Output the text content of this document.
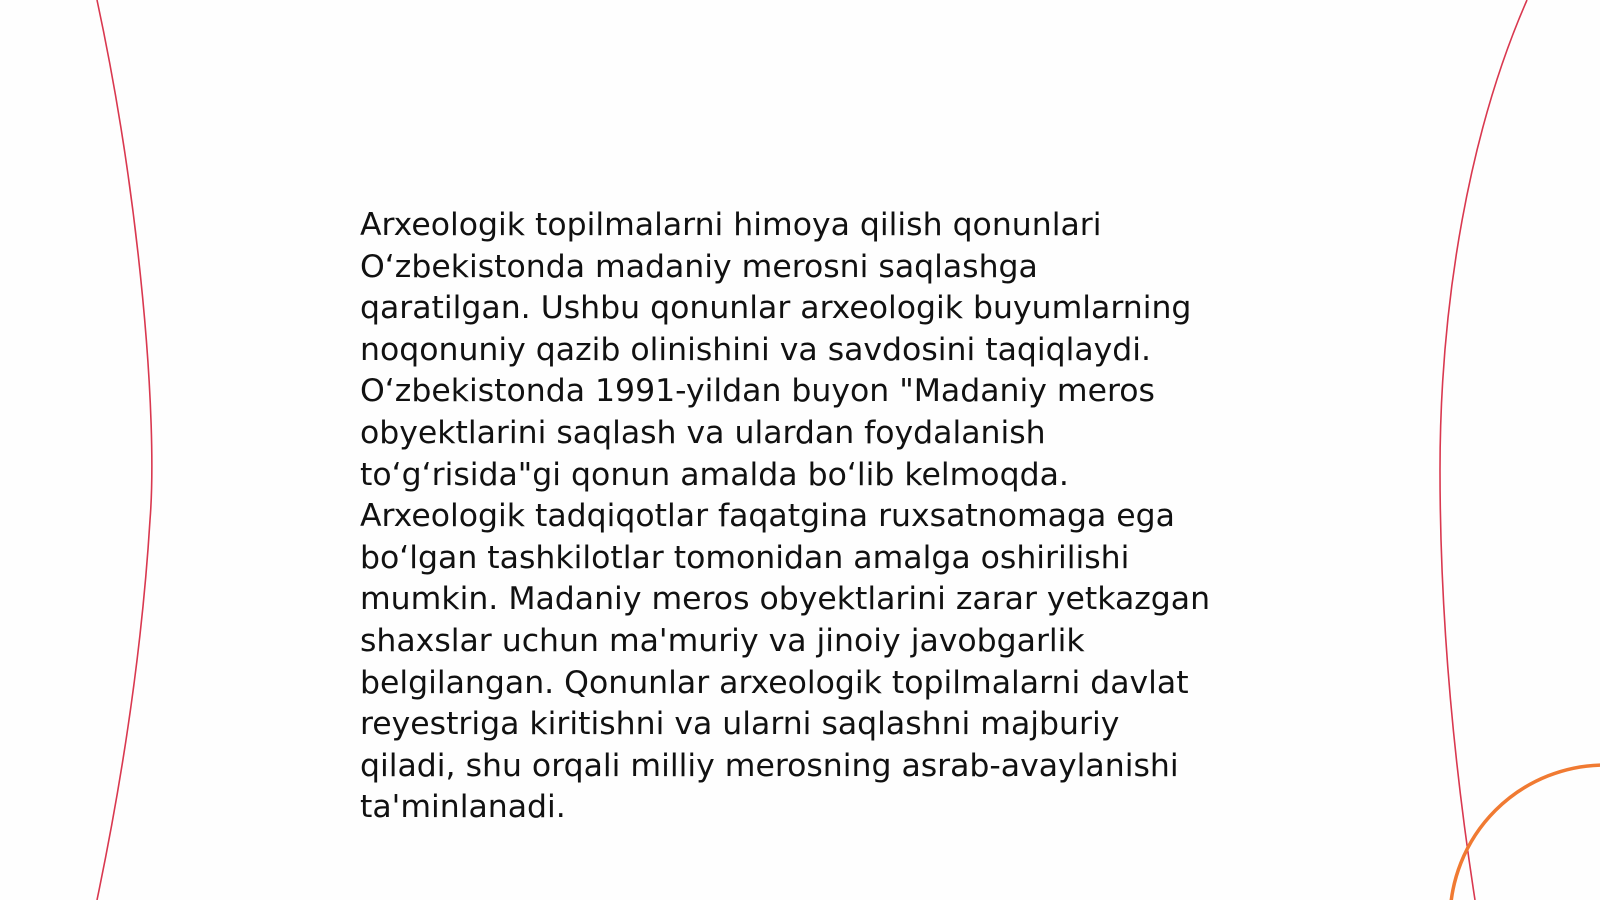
Arxeologik topilmalarni himoya qilish qonunlari
O‘zbekistonda madaniy merosni saqlashga
qaratilgan. Ushbu qonunlar arxeologik buyumlarning
noqonuniy qazib olinishini va savdosini taqiqlaydi.
O‘zbekistonda 1991-yildan buyon "Madaniy meros
obyektlarini saqlash va ulardan foydalanish
to‘g‘risida"gi qonun amalda bo‘lib kelmoqda.
Arxeologik tadqiqotlar faqatgina ruxsatnomaga ega
bo‘lgan tashkilotlar tomonidan amalga oshirilishi
mumkin. Madaniy meros obyektlarini zarar yetkazgan
shaxslar uchun ma'muriy va jinoiy javobgarlik
belgilangan. Qonunlar arxeologik topilmalarni davlat
reyestriga kiritishni va ularni saqlashni majburiy
qiladi, shu orqali milliy merosning asrab-avaylanishi
ta'minlanadi.
